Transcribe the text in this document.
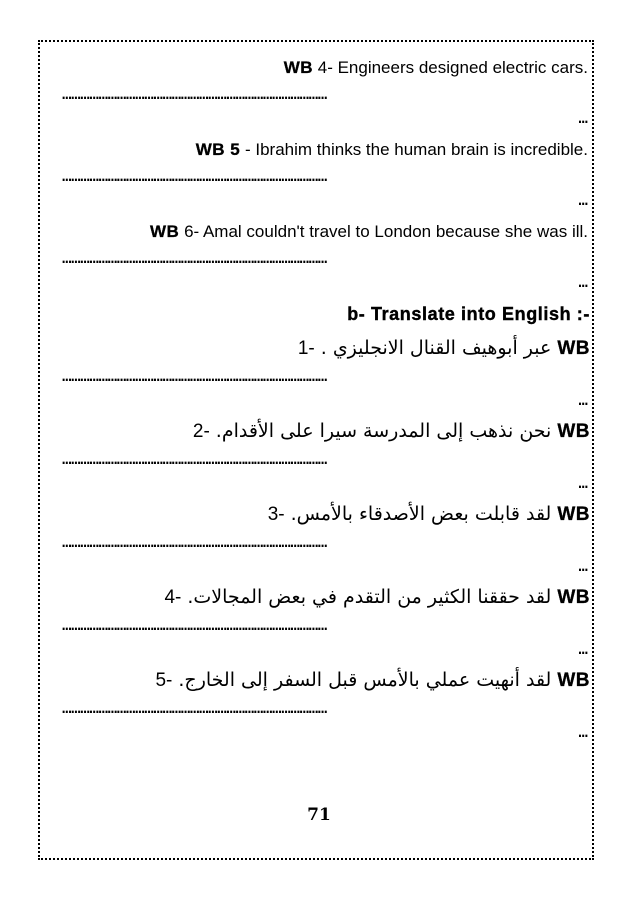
WB 4- Engineers designed electric cars.
……………………………………………………………………………
…
WB 5 - Ibrahim thinks the human brain is incredible.
……………………………………………………………………………
…
WB 6- Amal couldn't travel to London because she was ill.
……………………………………………………………………………
…
b- Translate into English :-
1- عبر أبوهيف القنال الانجليزي . WB
……………………………………………………………………………
…
2- نحن نذهب إلى المدرسة سيرا على الأقدام. WB
……………………………………………………………………………
…
3- لقد قابلت بعض الأصدقاء بالأمس. WB
……………………………………………………………………………
…
4- لقد حققنا الكثير من التقدم في بعض المجالات. WB
……………………………………………………………………………
…
5- لقد أنهيت عملي بالأمس قبل السفر إلى الخارج. WB
……………………………………………………………………………
…
71
